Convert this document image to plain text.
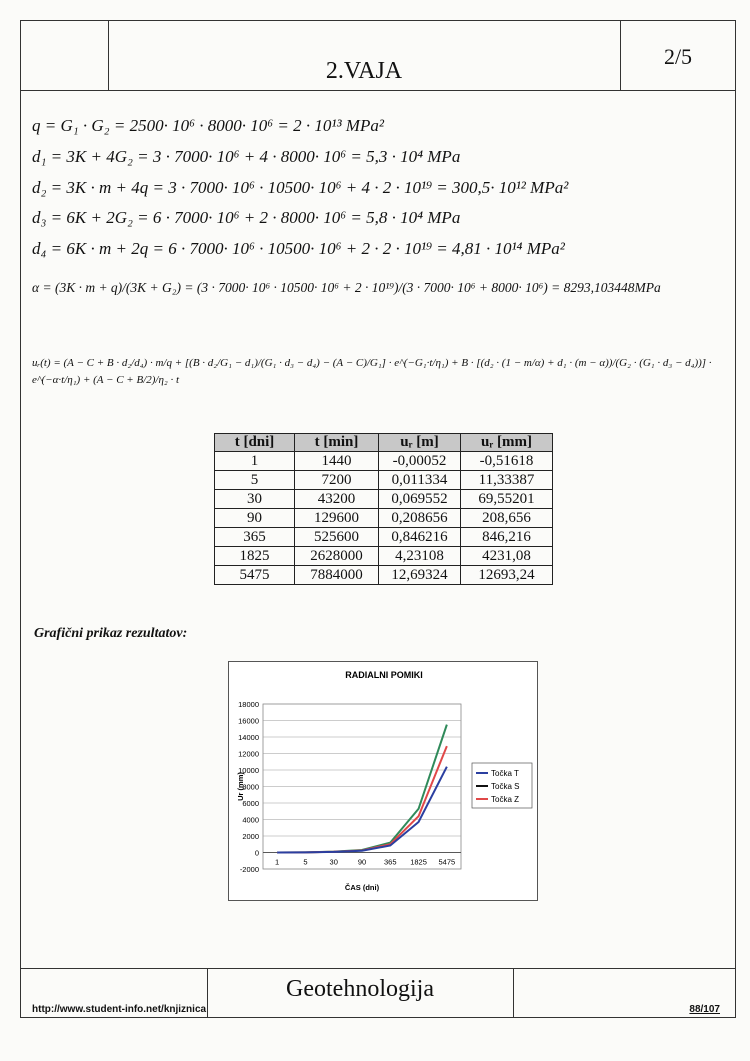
2.VAJA
2/5
q = G₁ · G₂ = 2500· 10⁶ · 8000· 10⁶ = 2 · 10¹³ MPa²
d₁ = 3K + 4G₂ = 3 · 7000· 10⁶ + 4 · 8000· 10⁶ = 5,3 · 10⁴ MPa
d₂ = 3K · m + 4q = 3 · 7000· 10⁶ · 10500· 10⁶ + 4 · 2 · 10¹⁹ = 300,5· 10¹² MPa²
d₃ = 6K + 2G₂ = 6 · 7000· 10⁶ + 2 · 8000· 10⁶ = 5,8 · 10⁴ MPa
d₄ = 6K · m + 2q = 6 · 7000· 10⁶ · 10500· 10⁶ + 2 · 2 · 10¹⁹ = 4,81 · 10¹⁴ MPa²
α = (3K · m + q)/(3K + G₂) = (3 · 7000· 10⁶ · 10500· 10⁶ + 2 · 10¹⁹)/(3 · 7000· 10⁶ + 8000· 10⁶) = 8293,103448MPa
uᵣ(t) = (A − C + B · d₂/d₄) · m/q + [(B · d₂/G₁ − d₁)/(G₁ · d₃ − d₄) − (A − C)/G₁] · e^(−G₁·t/η₁) + B · [(d₂ · (1 − m/α) + d₁ · (m − α))/(G₂ · (G₁ · d₃ − d₄))] · e^(−α·t/η₁) + (A − C + B/2)/η₂ · t
t [dni]	t [min]	uᵣ [m]	uᵣ [mm]
1	1440	-0,00052	-0,51618
5	7200	0,011334	11,33387
30	43200	0,069552	69,55201
90	129600	0,208656	208,656
365	525600	0,846216	846,216
1825	2628000	4,23108	4231,08
5475	7884000	12,69324	12693,24
Grafični prikaz rezultatov:
-2000
0
2000
4000
6000
8000
10000
12000
14000
16000
18000
1	5	30	90 365 1825 5475
RADIALNI POMIKI
ČAS (dni)
Ur (mm)	Točka T
Točka S
Točka Z
Geotehnologija
http://www.student-info.net/knjiznica	88/107
